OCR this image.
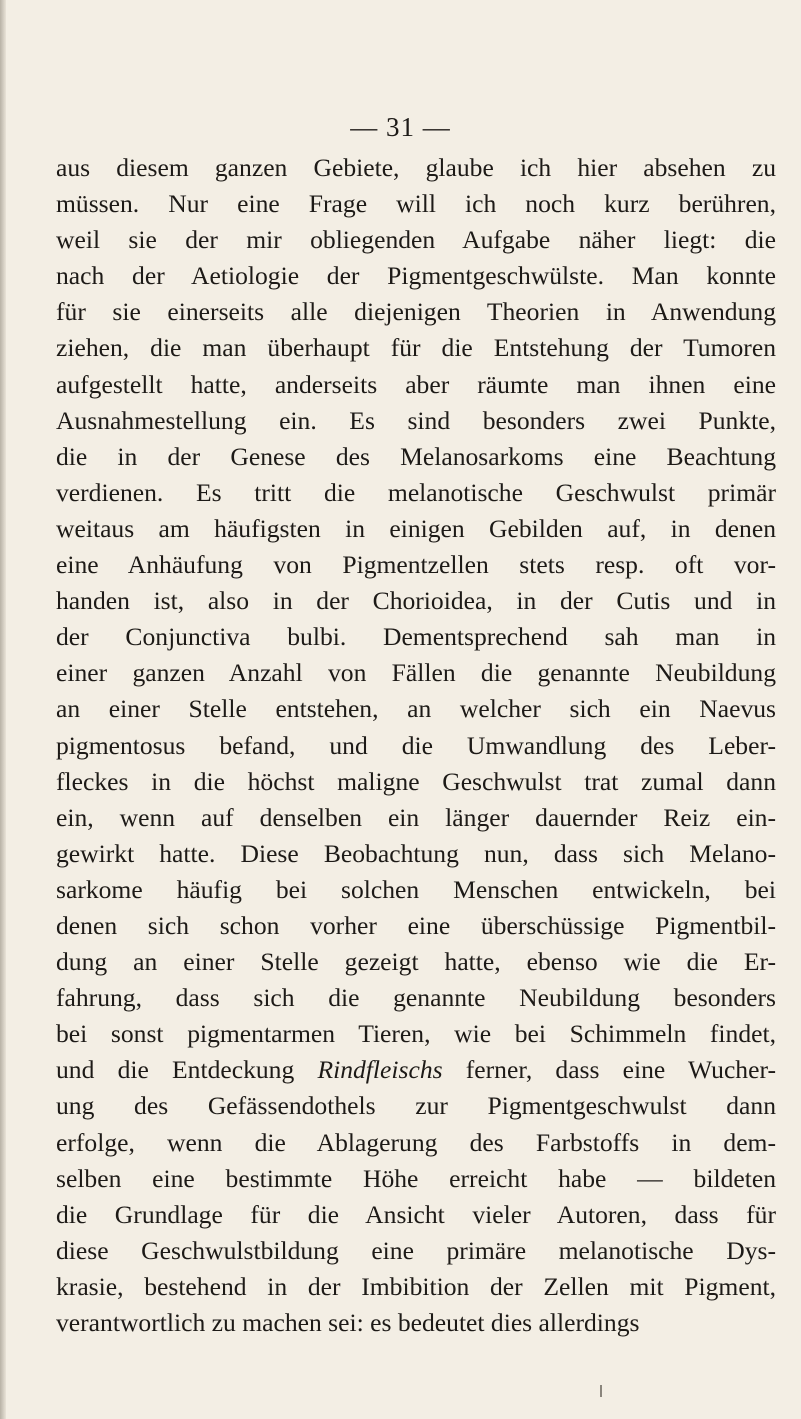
— 31 —
aus diesem ganzen Gebiete, glaube ich hier absehen zu
müssen. Nur eine Frage will ich noch kurz berühren,
weil sie der mir obliegenden Aufgabe näher liegt: die
nach der Aetiologie der Pigmentgeschwülste. Man konnte
für sie einerseits alle diejenigen Theorien in Anwendung
ziehen, die man überhaupt für die Entstehung der Tumoren
aufgestellt hatte, anderseits aber räumte man ihnen eine
Ausnahmestellung ein. Es sind besonders zwei Punkte,
die in der Genese des Melanosarkoms eine Beachtung
verdienen. Es tritt die melanotische Geschwulst primär
weitaus am häufigsten in einigen Gebilden auf, in denen
eine Anhäufung von Pigmentzellen stets resp. oft vor-
handen ist, also in der Chorioidea, in der Cutis und in
der Conjunctiva bulbi. Dementsprechend sah man in
einer ganzen Anzahl von Fällen die genannte Neubildung
an einer Stelle entstehen, an welcher sich ein Naevus
pigmentosus befand, und die Umwandlung des Leber-
fleckes in die höchst maligne Geschwulst trat zumal dann
ein, wenn auf denselben ein länger dauernder Reiz ein-
gewirkt hatte. Diese Beobachtung nun, dass sich Melano-
sarkome häufig bei solchen Menschen entwickeln, bei
denen sich schon vorher eine überschüssige Pigmentbil-
dung an einer Stelle gezeigt hatte, ebenso wie die Er-
fahrung, dass sich die genannte Neubildung besonders
bei sonst pigmentarmen Tieren, wie bei Schimmeln findet,
und die Entdeckung Rindfleischs ferner, dass eine Wucher-
ung des Gefässendothels zur Pigmentgeschwulst dann
erfolge, wenn die Ablagerung des Farbstoffs in dem-
selben eine bestimmte Höhe erreicht habe — bildeten
die Grundlage für die Ansicht vieler Autoren, dass für
diese Geschwulstbildung eine primäre melanotische Dys-
krasie, bestehend in der Imbibition der Zellen mit Pigment,
verantwortlich zu machen sei: es bedeutet dies allerdings
